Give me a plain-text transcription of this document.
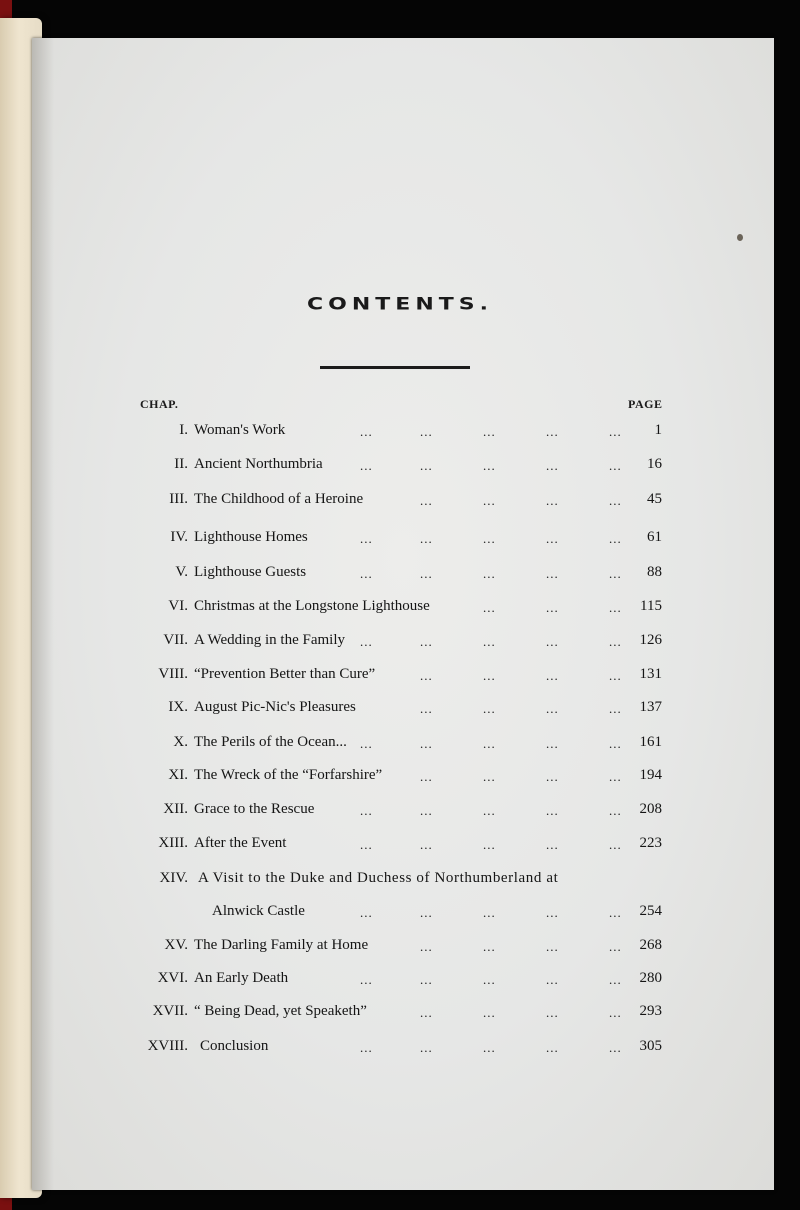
CONTENTS.
CHAP.	PAGE
I. Woman's Work	1
II. Ancient Northumbria	16
III. The Childhood of a Heroine	45
IV. Lighthouse Homes	61
V. Lighthouse Guests	88
VI. Christmas at the Longstone Lighthouse	115
VII. A Wedding in the Family	126
VIII. “Prevention Better than Cure”	131
IX. August Pic-Nic's Pleasures	137
X. The Perils of the Ocean...	161
XI. The Wreck of the “Forfarshire”	194
XII. Grace to the Rescue	208
XIII. After the Event	223
XIV. A Visit to the Duke and Duchess of Northumberland at
Alnwick Castle	254
XV. The Darling Family at Home	268
XVI. An Early Death	280
XVII. “ Being Dead, yet Speaketh”	293
XVIII. Conclusion	305
...	...	...	...	...
...	...	...	...	...
...	...	...	...
...	...	...	...	...
...	...	...	...	...
...	...	...
...	...	...	...	...
...	...	...	...
...	...	...	...
...	...	...	...	...
...	...	...	...
...	...	...	...	...
...	...	...	...	...
...	...	...	...	...
...	...	...	...
...	...	...	...	...
...	...	...	...
...	...	...	...	...
